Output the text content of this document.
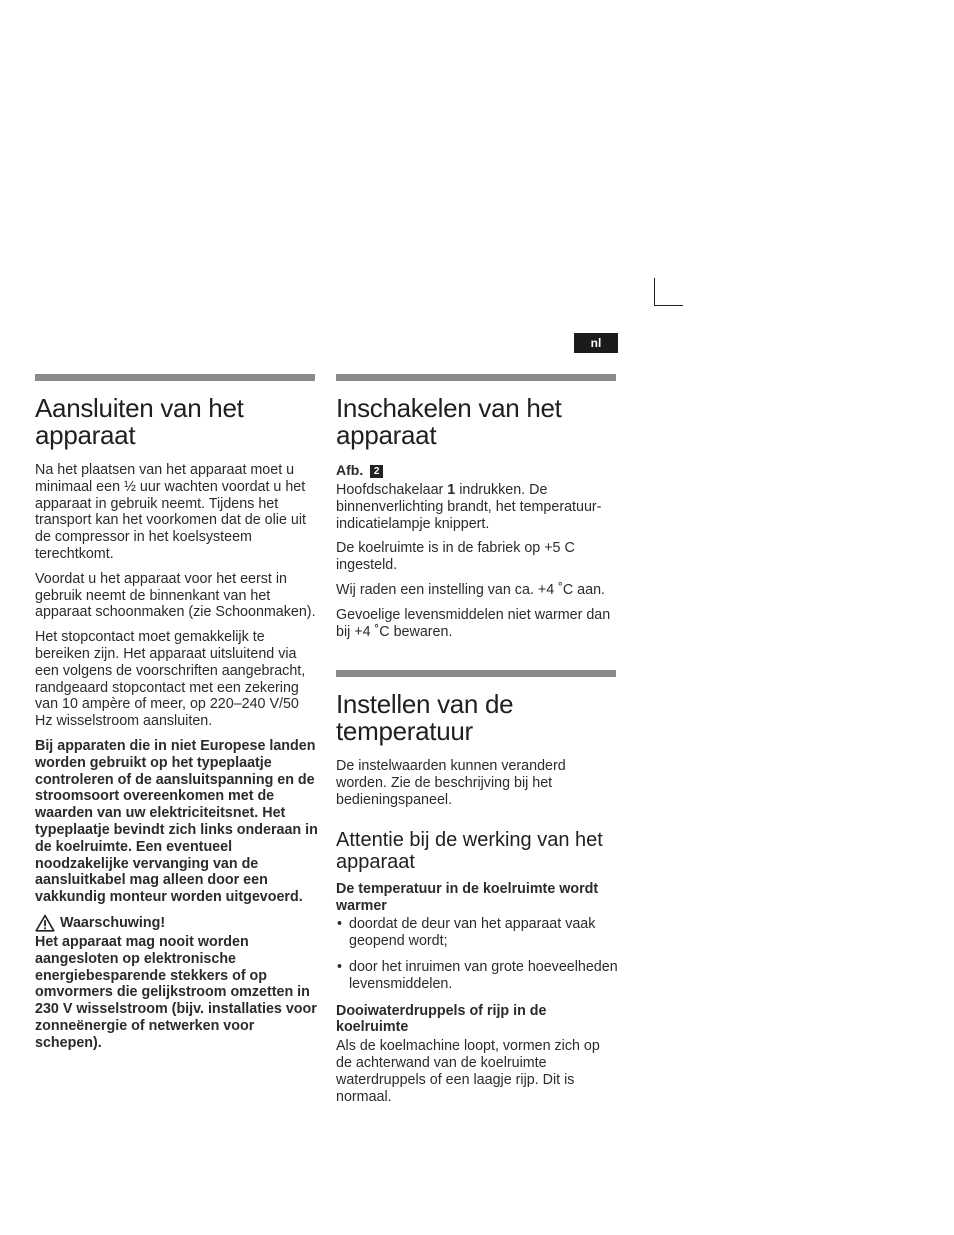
nl
Aansluiten van het apparaat

Na het plaatsen van het apparaat moet u minimaal een ½ uur wachten voordat u het apparaat in gebruik neemt. Tijdens het transport kan het voorkomen dat de olie uit de compressor in het koelsysteem terechtkomt.

Voordat u het apparaat voor het eerst in gebruik neemt de binnenkant van het apparaat schoonmaken (zie Schoonmaken).

Het stopcontact moet gemakkelijk te bereiken zijn. Het apparaat uitsluitend via een volgens de voorschriften aangebracht, randgeaard stopcontact met een zekering van 10 ampère of meer, op 220–240 V/50 Hz wisselstroom aansluiten.

Bij apparaten die in niet Europese landen worden gebruikt op het typeplaatje controleren of de aansluitspanning en de stroomsoort overeenkomen met de waarden van uw elektriciteitsnet. Het typeplaatje bevindt zich links onderaan in de koelruimte. Een eventueel noodzakelijke vervanging van de aansluitkabel mag alleen door een vakkundig monteur worden uitgevoerd.

Waarschuwing!

Het apparaat mag nooit worden aangesloten op elektronische energiebesparende stekkers of op omvormers die gelijkstroom omzetten in 230 V wisselstroom (bijv. installaties voor zonneënergie of netwerken voor schepen).

Inschakelen van het apparaat
Afb. 2

Hoofdschakelaar 1 indrukken. De binnenverlichting brandt, het temperatuur-indicatielampje knippert.

De koelruimte is in de fabriek op +5 C ingesteld.

Wij raden een instelling van ca. +4 ˚C aan.

Gevoelige levensmiddelen niet warmer dan bij +4 ˚C bewaren.

Instellen van de temperatuur

De instelwaarden kunnen veranderd worden. Zie de beschrijving bij het bedieningspaneel.

Attentie bij de werking van het apparaat
De temperatuur in de koelruimte wordt warmer
• doordat de deur van het apparaat vaak geopend wordt;
• door het inruimen van grote hoeveelheden levensmiddelen.
Dooiwaterdruppels of rijp in de koelruimte

Als de koelmachine loopt, vormen zich op de achterwand van de koelruimte waterdruppels of een laagje rijp. Dit is normaal.
